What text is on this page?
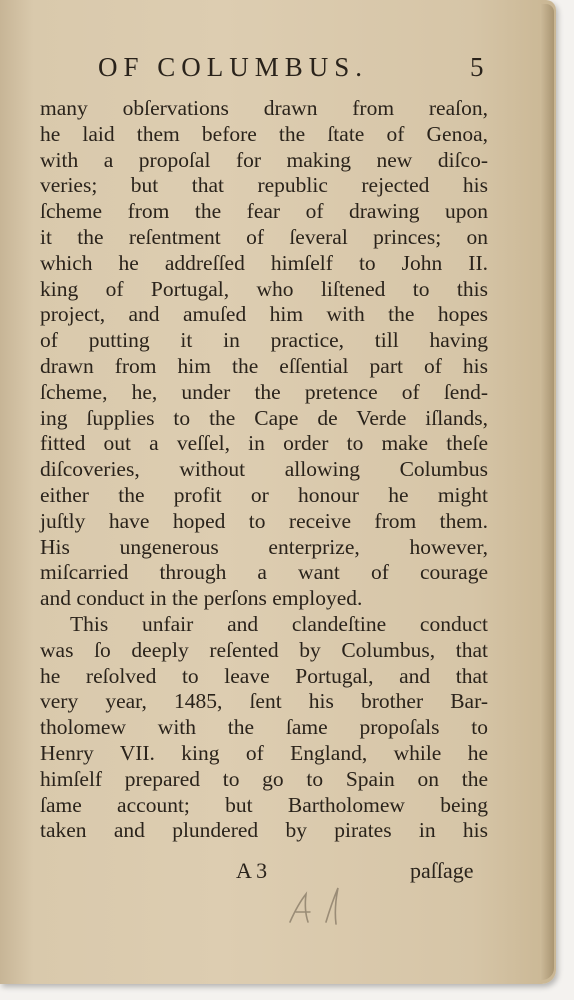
OF COLUMBUS.	5
many obſervations drawn from reaſon,
he laid them before the ſtate of Genoa,
with a propoſal for making new diſco-
veries; but that republic rejected his
ſcheme from the fear of drawing upon
it the reſentment of ſeveral princes; on
which he addreſſed himſelf to John II.
king of Portugal, who liſtened to this
project, and amuſed him with the hopes
of putting it in practice, till having
drawn from him the eſſential part of his
ſcheme, he, under the pretence of ſend-
ing ſupplies to the Cape de Verde iſlands,
fitted out a veſſel, in order to make theſe
diſcoveries, without allowing Columbus
either the profit or honour he might
juſtly have hoped to receive from them.
His ungenerous enterprize, however,
miſcarried through a want of courage
and conduct in the perſons employed.
This unfair and clandeſtine conduct
was ſo deeply reſented by Columbus, that
he reſolved to leave Portugal, and that
very year, 1485, ſent his brother Bar-
tholomew with the ſame propoſals to
Henry VII. king of England, while he
himſelf prepared to go to Spain on the
ſame account; but Bartholomew being
taken and plundered by pirates in his
A 3	paſſage
